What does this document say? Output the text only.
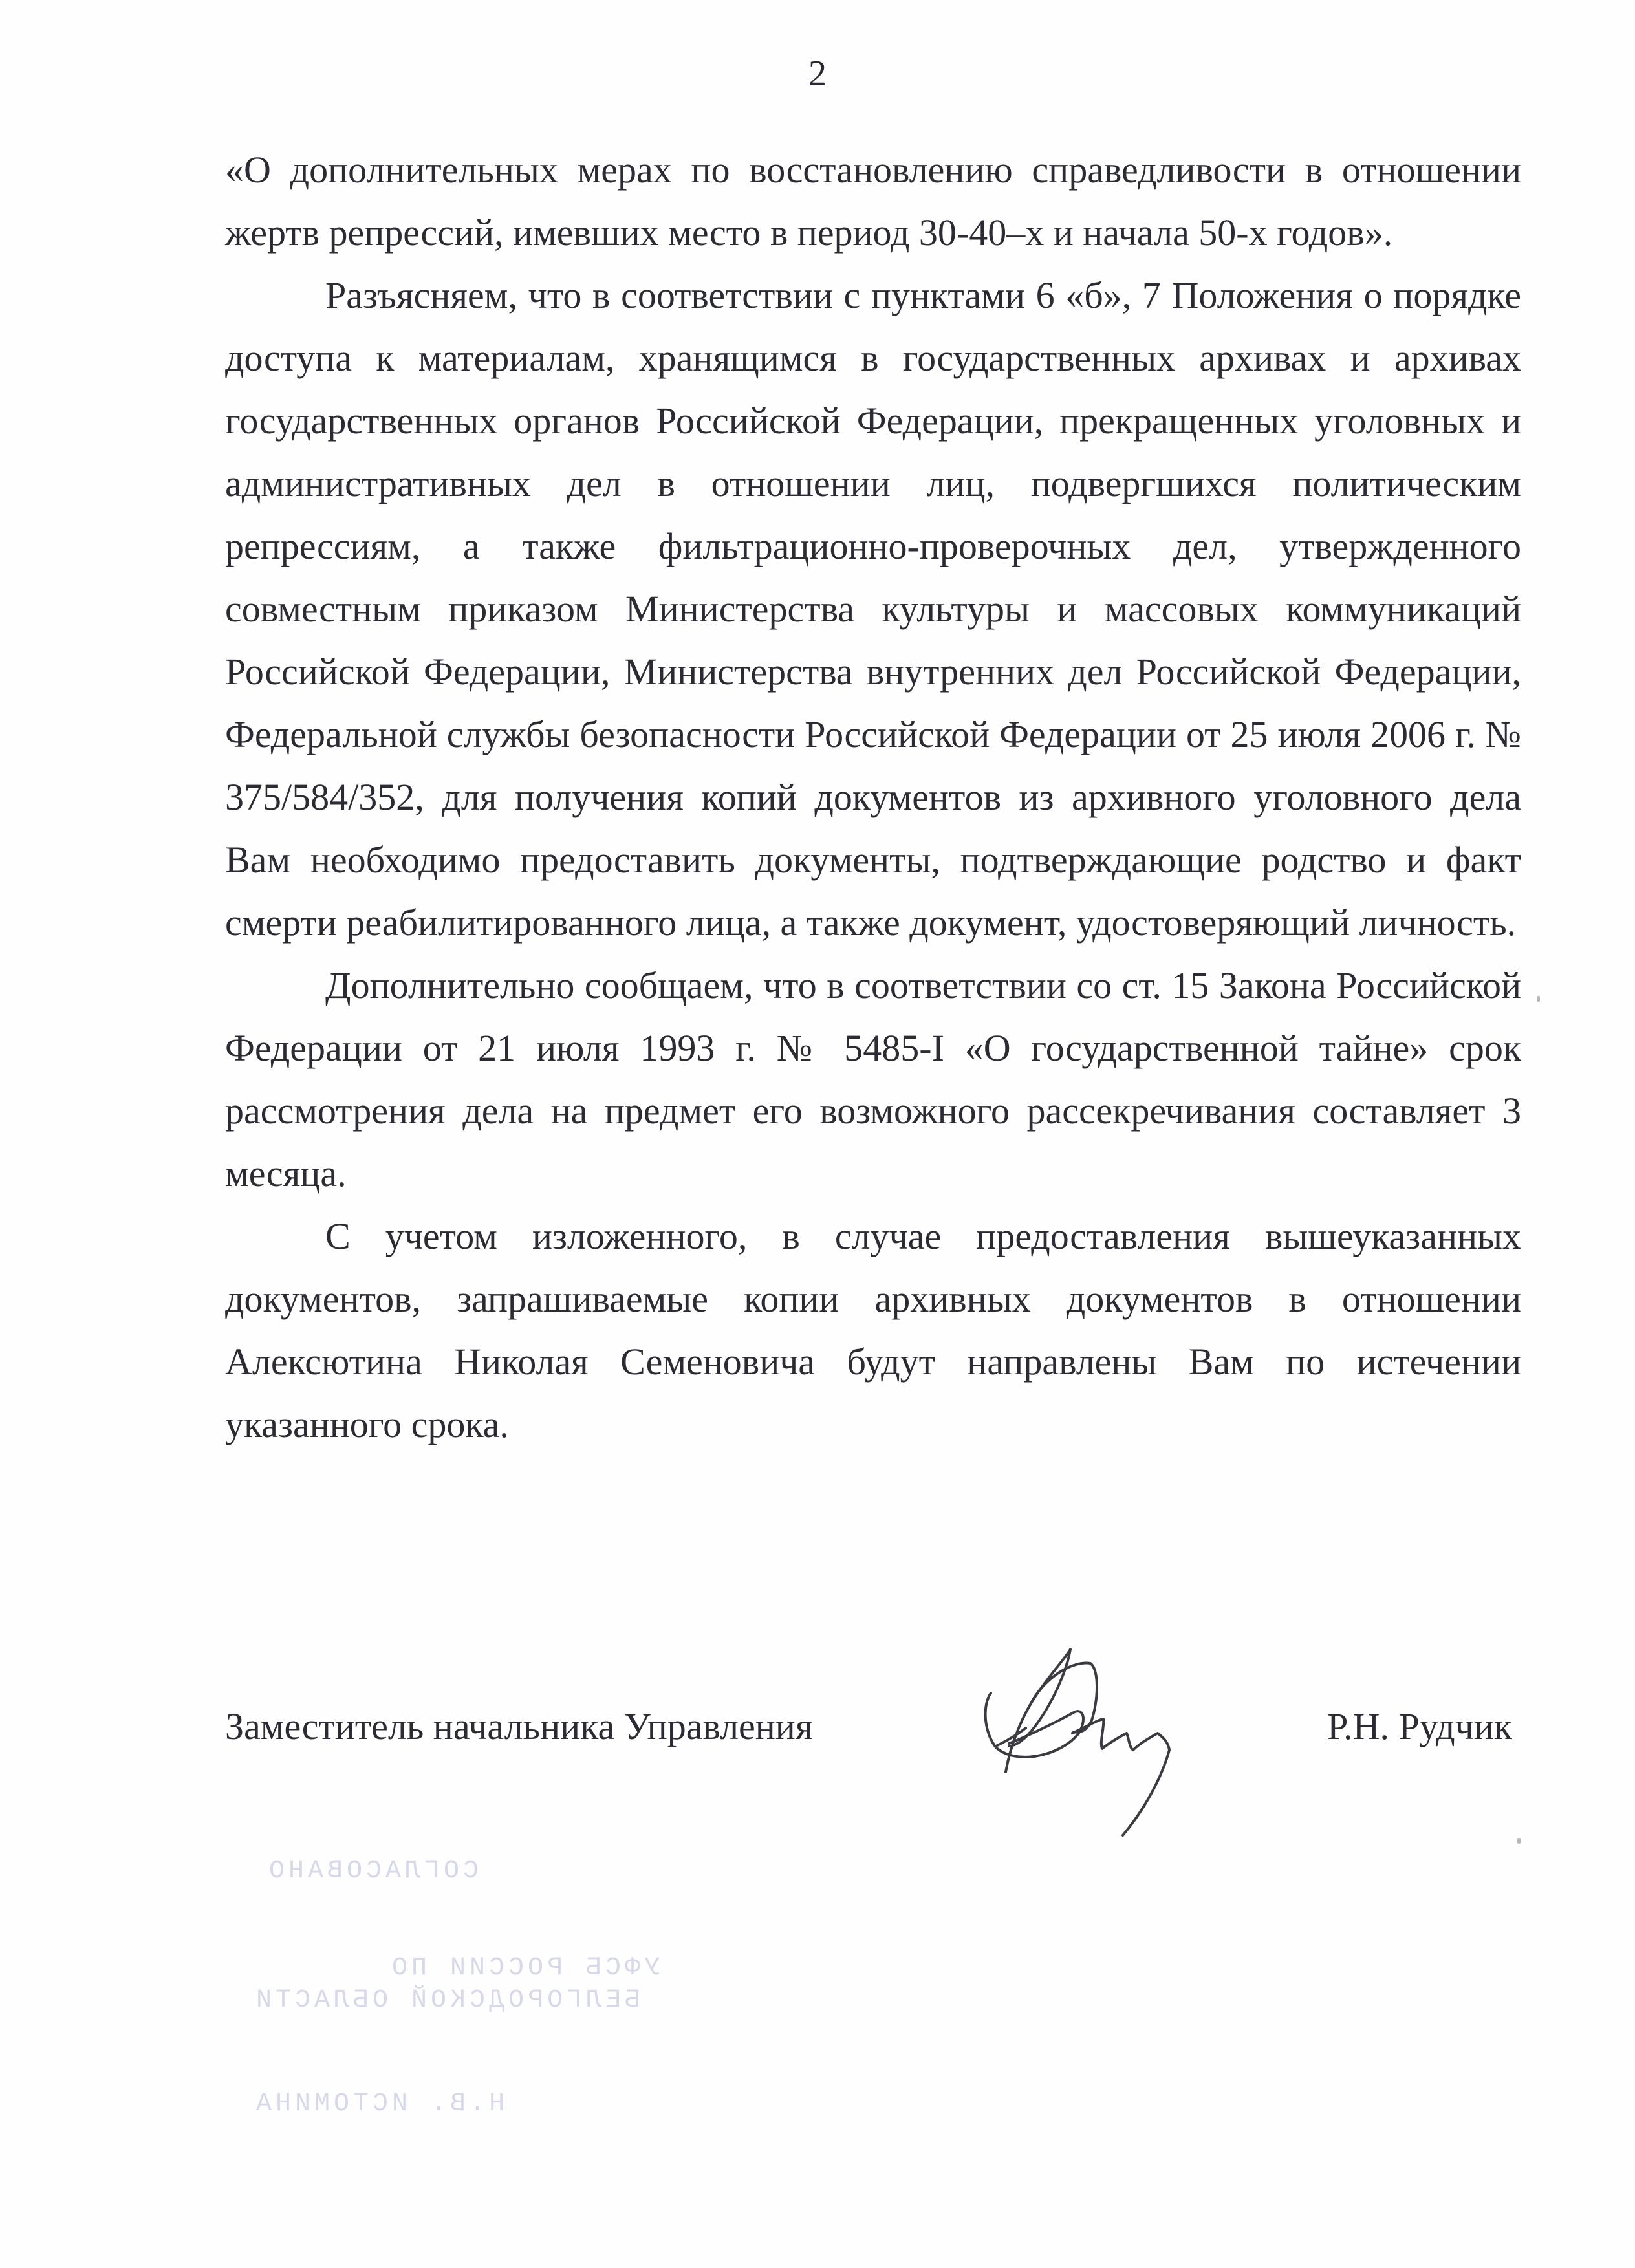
2

«О дополнительных мерах по восстановлению справедливости в отношении жертв репрессий, имевших место в период 30-40–х и начала 50-х годов».

Разъясняем, что в соответствии с пунктами 6 «б», 7 Положения о порядке доступа к материалам, хранящимся в государственных архивах и архивах государственных органов Российской Федерации, прекращенных уголовных и административных дел в отношении лиц, подвергшихся политическим репрессиям, а также фильтрационно-проверочных дел, утвержденного совместным приказом Министерства культуры и массовых коммуникаций Российской Федерации, Министерства внутренних дел Российской Федерации, Федеральной службы безопасности Российской Федерации от 25 июля 2006 г. № 375/584/352, для получения копий документов из архивного уголовного дела Вам необходимо предоставить документы, подтверждающие родство и факт смерти реабилитированного лица, а также документ, удостоверяющий личность.

Дополнительно сообщаем, что в соответствии со ст. 15 Закона Российской Федерации от 21 июля 1993 г. № 5485-I «О государственной тайне» срок рассмотрения дела на предмет его возможного рассекречивания составляет 3 месяца.

С учетом изложенного, в случае предоставления вышеуказанных документов, запрашиваемые копии архивных документов в отношении Алексютина Николая Семеновича будут направлены Вам по истечении указанного срока.

Заместитель начальника Управления	Р.Н. Рудчик
СОГЛАСОВАНО
УФСБ РОССИИ ПО
БЕЛГОРОДСКОЙ ОБЛАСТИ
Н.В. ИСТОМИНА
